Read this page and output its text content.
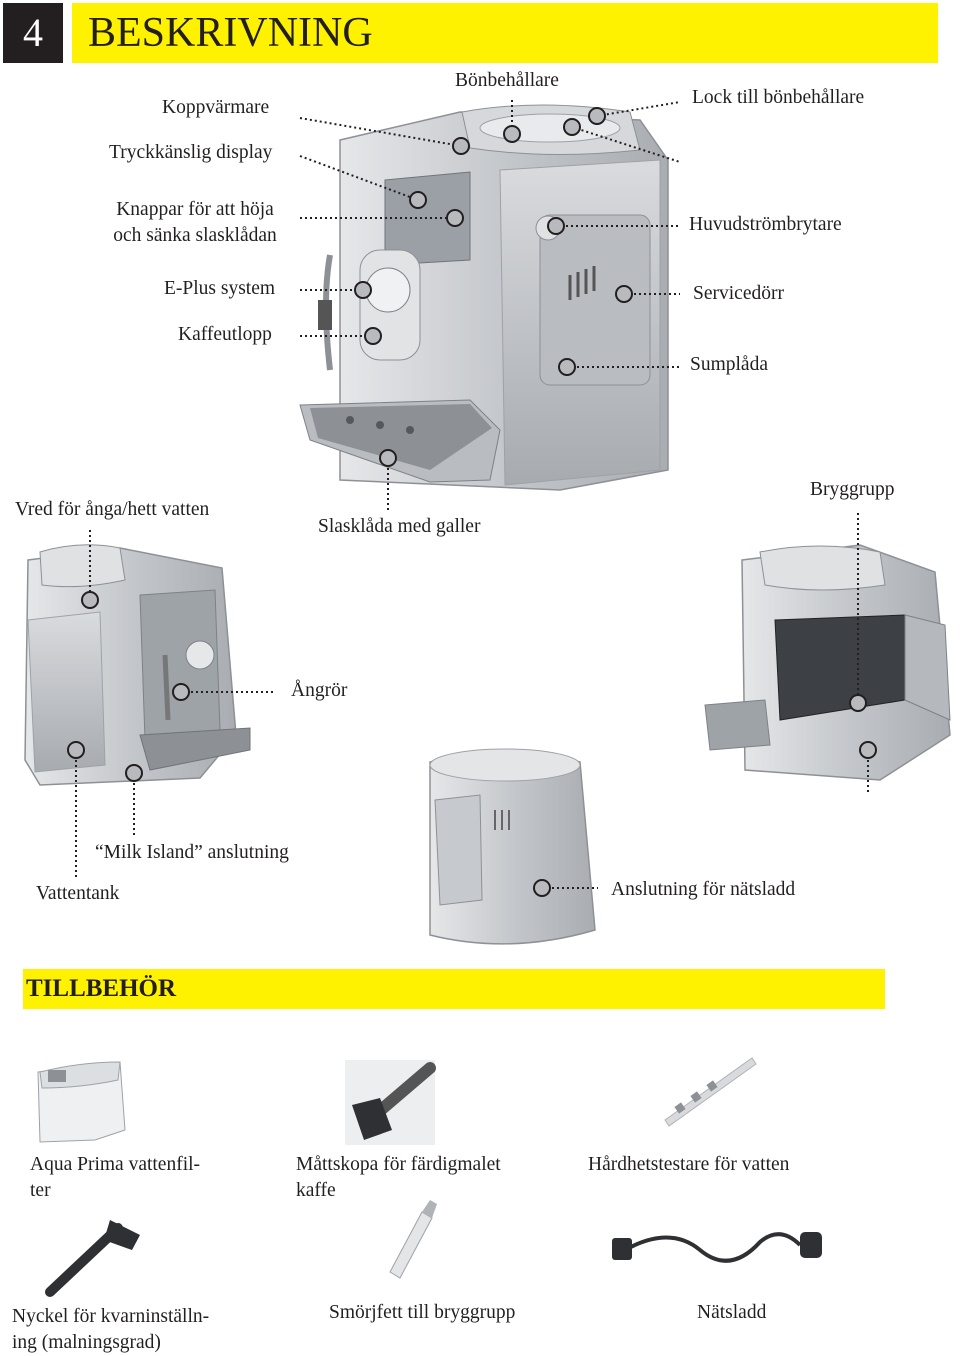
4	BESKRIVNING
Koppvärmare
Bönbehållare
Lock till bönbehållare
Tryckkänslig display
Knappar för att höja
och sänka slasklådan
Huvudströmbrytare
E-Plus system	Servicedörr
Kaffeutlopp
Sumplåda
Vred för ånga/hett vatten
Slasklåda med galler
Bryggrupp
Ångrör
“Milk Island” anslutning
Vattentank	Anslutning för nätsladd
TILLBEHÖR
Aqua Prima vattenfil-
ter
Måttskopa för färdigmalet
kaffe
Hårdhetstestare för vatten
Nyckel för kvarninställn-
ing (malningsgrad)
Smörjfett till bryggrupp	Nätsladd
